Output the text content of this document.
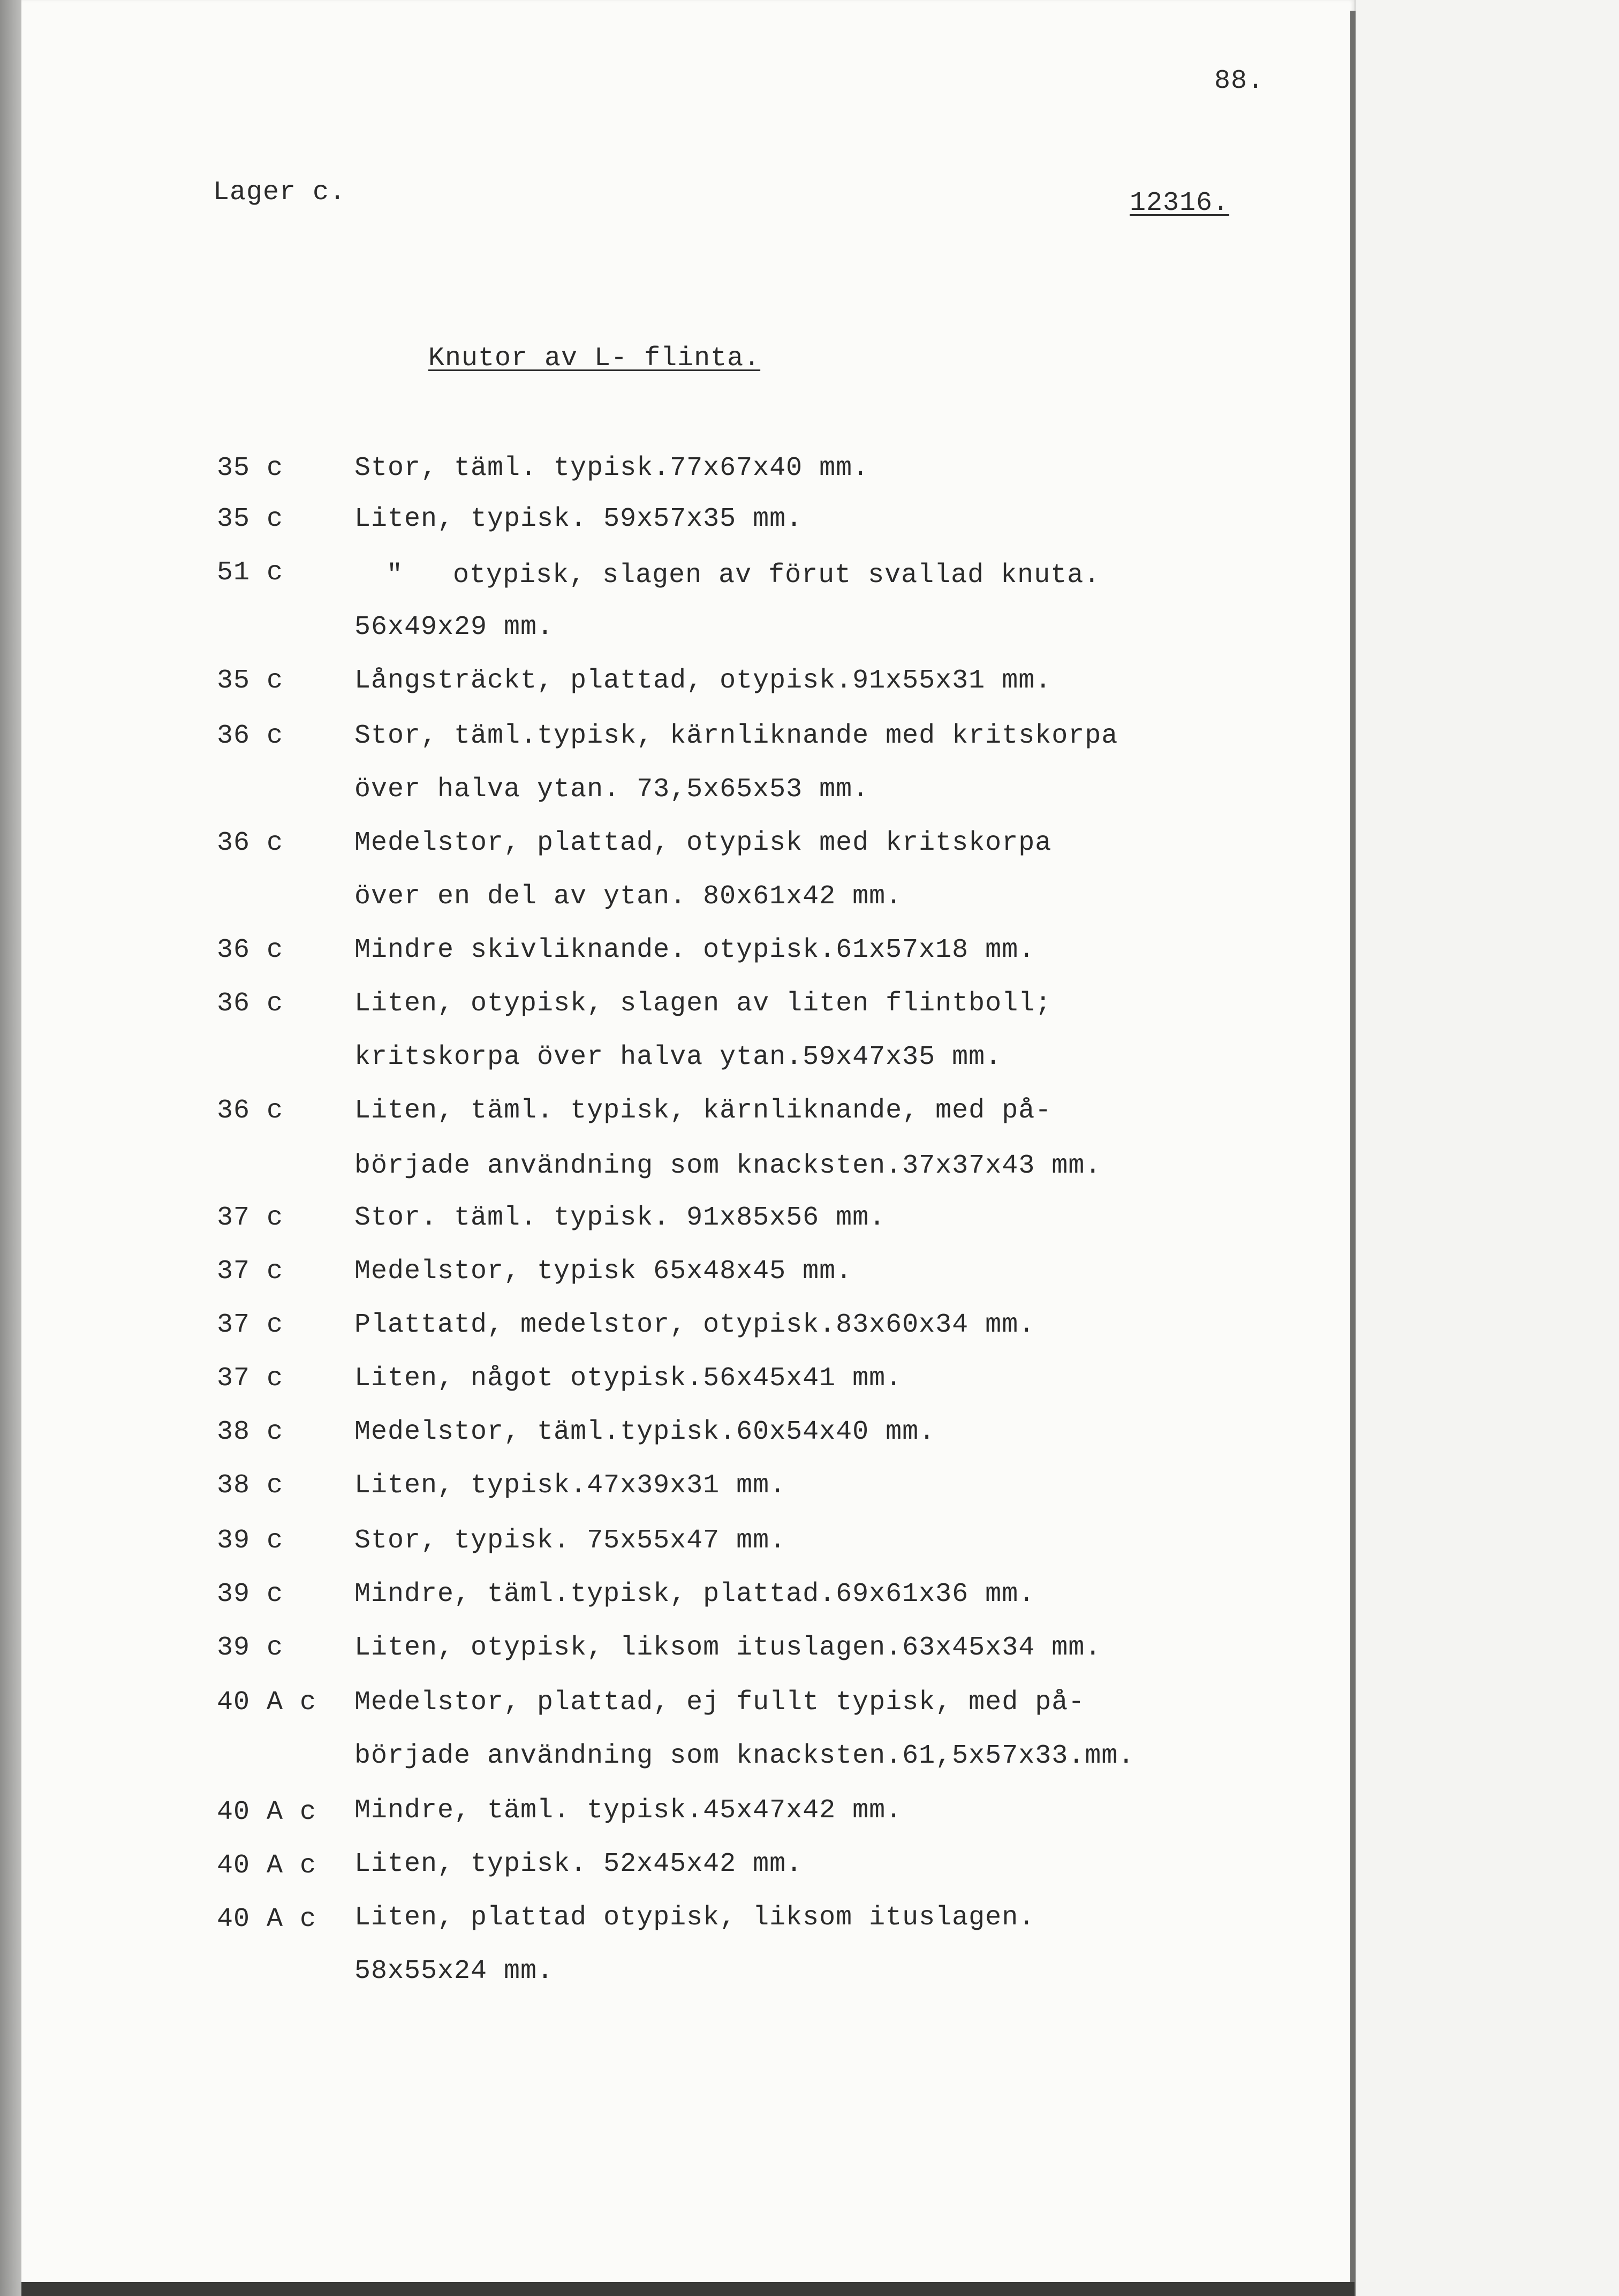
88.
Lager c.	12316.
Knutor av L- flinta.
35 c	Stor, täml. typisk.77x67x40 mm.
35 c	Liten, typisk. 59x57x35 mm.
51 c	"   otypisk, slagen av förut svallad knuta.
56x49x29 mm.
35 c	Långsträckt, plattad, otypisk.91x55x31 mm.
36 c	Stor, täml.typisk, kärnliknande med kritskorpa
över halva ytan. 73,5x65x53 mm.
36 c	Medelstor, plattad, otypisk med kritskorpa
över en del av ytan. 80x61x42 mm.
36 c	Mindre skivliknande. otypisk.61x57x18 mm.
36 c	Liten, otypisk, slagen av liten flintboll;
kritskorpa över halva ytan.59x47x35 mm.
36 c	Liten, täml. typisk, kärnliknande, med på-
började användning som knacksten.37x37x43 mm.
37 c	Stor. täml. typisk. 91x85x56 mm.
37 c	Medelstor, typisk 65x48x45 mm.
37 c	Plattatd, medelstor, otypisk.83x60x34 mm.
37 c	Liten, något otypisk.56x45x41 mm.
38 c	Medelstor, täml.typisk.60x54x40 mm.
38 c	Liten, typisk.47x39x31 mm.
39 c	Stor, typisk. 75x55x47 mm.
39 c	Mindre, täml.typisk, plattad.69x61x36 mm.
39 c	Liten, otypisk, liksom ituslagen.63x45x34 mm.
40 A c Medelstor, plattad, ej fullt typisk, med på-
började användning som knacksten.61,5x57x33.mm.
40 A c Mindre, täml. typisk.45x47x42 mm.
40 A c Liten, typisk. 52x45x42 mm.
40 A c Liten, plattad otypisk, liksom ituslagen.
58x55x24 mm.
